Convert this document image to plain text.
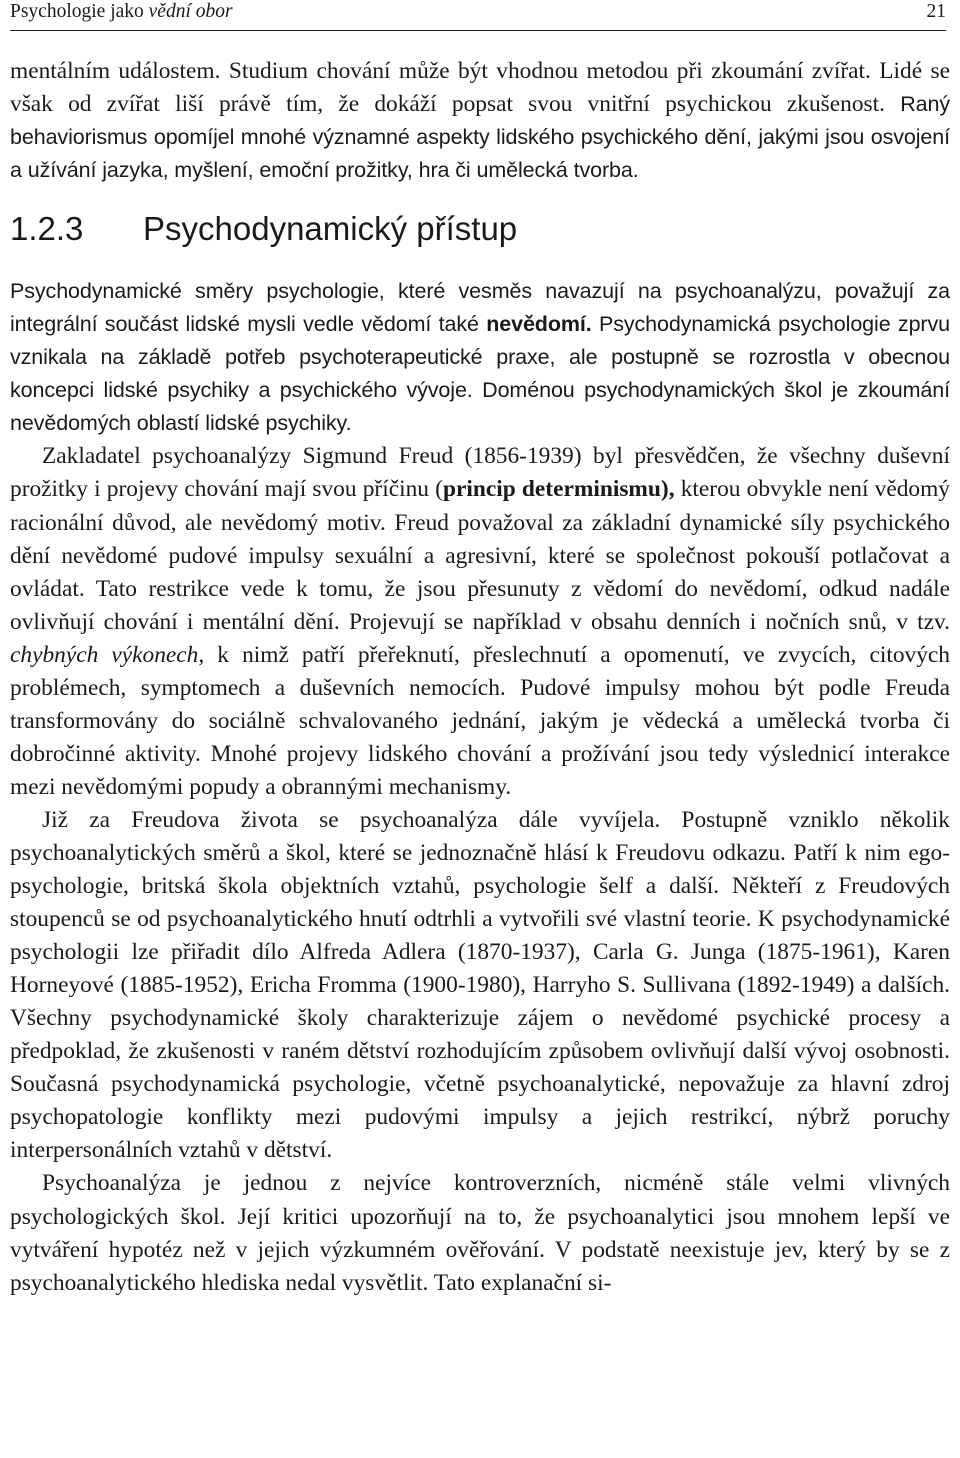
Psychologie jako vědní obor	21

mentálním událostem. Studium chování může být vhodnou metodou při zkoumání zvířat. Lidé se však od zvířat liší právě tím, že dokáží popsat svou vnitřní psychickou zkušenost. Raný behaviorismus opomíjel mnohé významné aspekty lidského psychického dění, jakými jsou osvojení a užívání jazyka, myšlení, emoční prožitky, hra či umělecká tvorba.

1.2.3 Psychodynamický přístup

Psychodynamické směry psychologie, které vesměs navazují na psychoanalýzu, považují za integrální součást lidské mysli vedle vědomí také nevědomí. Psychodynamická psychologie zprvu vznikala na základě potřeb psychoterapeutické praxe, ale postupně se rozrostla v obecnou koncepci lidské psychiky a psychického vývoje. Doménou psychodynamických škol je zkoumání nevědomých oblastí lidské psychiky.

Zakladatel psychoanalýzy Sigmund Freud (1856-1939) byl přesvědčen, že všechny duševní prožitky i projevy chování mají svou příčinu (princip determinismu), kterou obvykle není vědomý racionální důvod, ale nevědomý motiv. Freud považoval za základní dynamické síly psychického dění nevědomé pudové impulsy sexuální a agresivní, které se společnost pokouší potlačovat a ovládat. Tato restrikce vede k tomu, že jsou přesunuty z vědomí do nevědomí, odkud nadále ovlivňují chování i mentální dění. Projevují se například v obsahu denních i nočních snů, v tzv. chybných výkonech, k nimž patří přeřeknutí, přeslechnutí a opomenutí, ve zvycích, citových problémech, symptomech a duševních nemocích. Pudové impulsy mohou být podle Freuda transformovány do sociálně schvalovaného jednání, jakým je vědecká a umělecká tvorba či dobročinné aktivity. Mnohé projevy lidského chování a prožívání jsou tedy výslednicí interakce mezi nevědomými popudy a obrannými mechanismy.

Již za Freudova života se psychoanalýza dále vyvíjela. Postupně vzniklo několik psychoanalytických směrů a škol, které se jednoznačně hlásí k Freudovu odkazu. Patří k nim ego-psychologie, britská škola objektních vztahů, psychologie šelf a další. Někteří z Freudových stoupenců se od psychoanalytického hnutí odtrhli a vytvořili své vlastní teorie. K psychodynamické psychologii lze přiřadit dílo Alfreda Adlera (1870-1937), Carla G. Junga (1875-1961), Karen Horneyové (1885-1952), Ericha Fromma (1900-1980), Harryho S. Sullivana (1892-1949) a dalších. Všechny psychodynamické školy charakterizuje zájem o nevědomé psychické procesy a předpoklad, že zkušenosti v raném dětství rozhodujícím způsobem ovlivňují další vývoj osobnosti. Současná psychodynamická psychologie, včetně psychoanalytické, nepovažuje za hlavní zdroj psychopatologie konflikty mezi pudovými impulsy a jejich restrikcí, nýbrž poruchy interpersonálních vztahů v dětství.

Psychoanalýza je jednou z nejvíce kontroverzních, nicméně stále velmi vlivných psychologických škol. Její kritici upozorňují na to, že psychoanalytici jsou mnohem lepší ve vytváření hypotéz než v jejich výzkumném ověřování. V podstatě neexistuje jev, který by se z psychoanalytického hlediska nedal vysvětlit. Tato explanační si-
